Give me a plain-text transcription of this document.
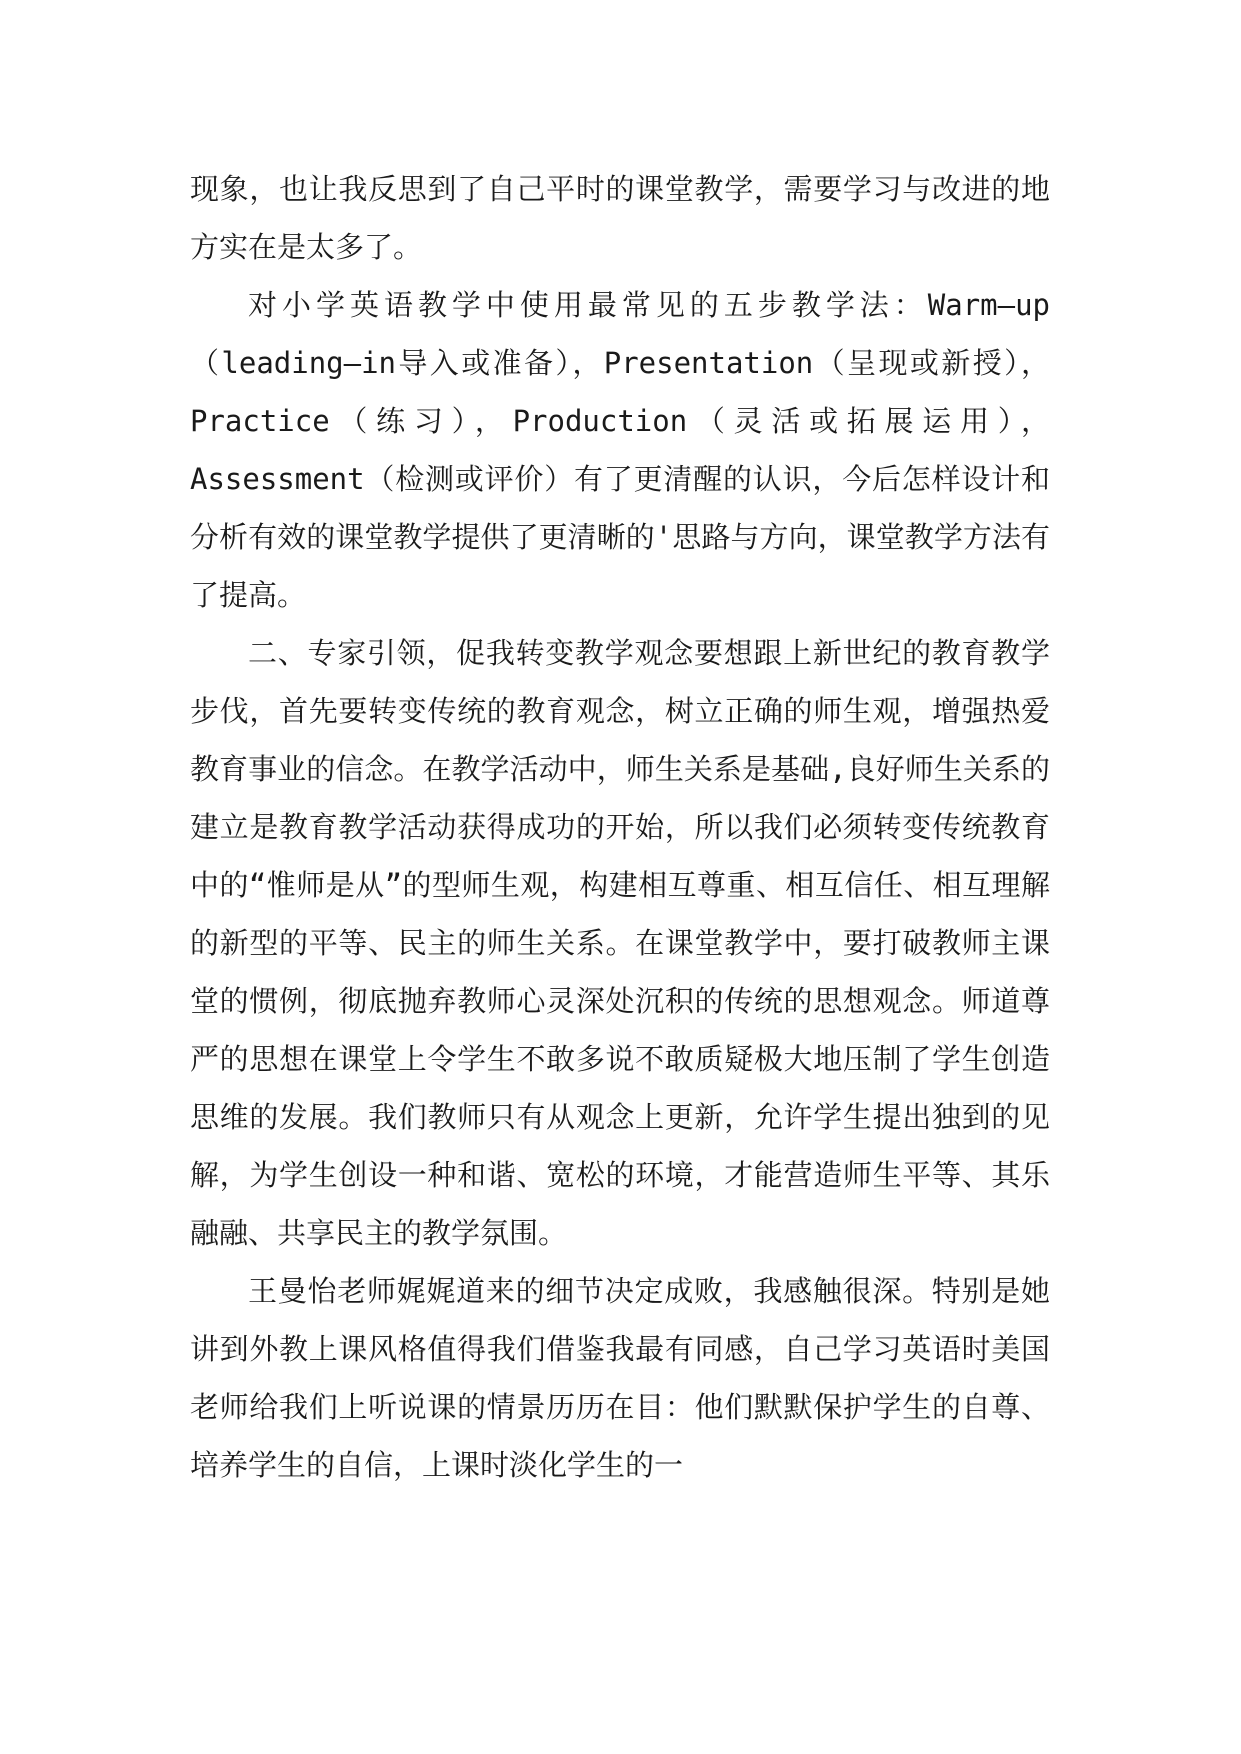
现象，也让我反思到了自己平时的课堂教学，需要学习与改进的地方实在是太多了。

对小学英语教学中使用最常见的五步教学法：Warm—up（leading—in导入或准备），Presentation（呈现或新授），Practice（练习），Production（灵活或拓展运用），Assessment（检测或评价）有了更清醒的认识，今后怎样设计和分析有效的课堂教学提供了更清晰的'思路与方向，课堂教学方法有了提高。

二、专家引领，促我转变教学观念要想跟上新世纪的教育教学步伐，首先要转变传统的教育观念，树立正确的师生观，增强热爱教育事业的信念。在教学活动中，师生关系是基础,良好师生关系的建立是教育教学活动获得成功的开始，所以我们必须转变传统教育中的“惟师是从”的型师生观，构建相互尊重、相互信任、相互理解的新型的平等、民主的师生关系。在课堂教学中，要打破教师主课堂的惯例，彻底抛弃教师心灵深处沉积的传统的思想观念。师道尊严的思想在课堂上令学生不敢多说不敢质疑极大地压制了学生创造思维的发展。我们教师只有从观念上更新，允许学生提出独到的见解，为学生创设一种和谐、宽松的环境，才能营造师生平等、其乐融融、共享民主的教学氛围。

王曼怡老师娓娓道来的细节决定成败，我感触很深。特别是她讲到外教上课风格值得我们借鉴我最有同感，自己学习英语时美国老师给我们上听说课的情景历历在目：他们默默保护学生的自尊、培养学生的自信，上课时淡化学生的一
